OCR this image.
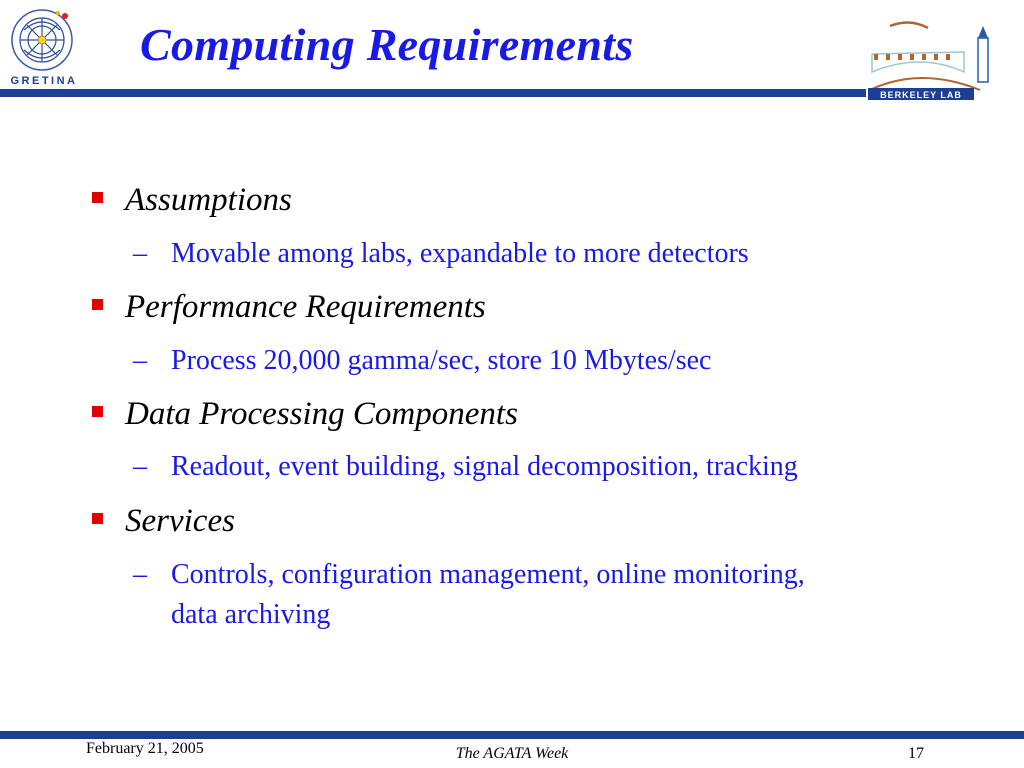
GRETINA
Computing Requirements
BERKELEY LAB
Assumptions
– Movable among labs, expandable to more detectors
Performance Requirements
– Process 20,000 gamma/sec, store 10 Mbytes/sec
Data Processing Components
– Readout, event building, signal decomposition, tracking
Services
– Controls, configuration management, online monitoring, data archiving
February 21, 2005	The AGATA Week	17
